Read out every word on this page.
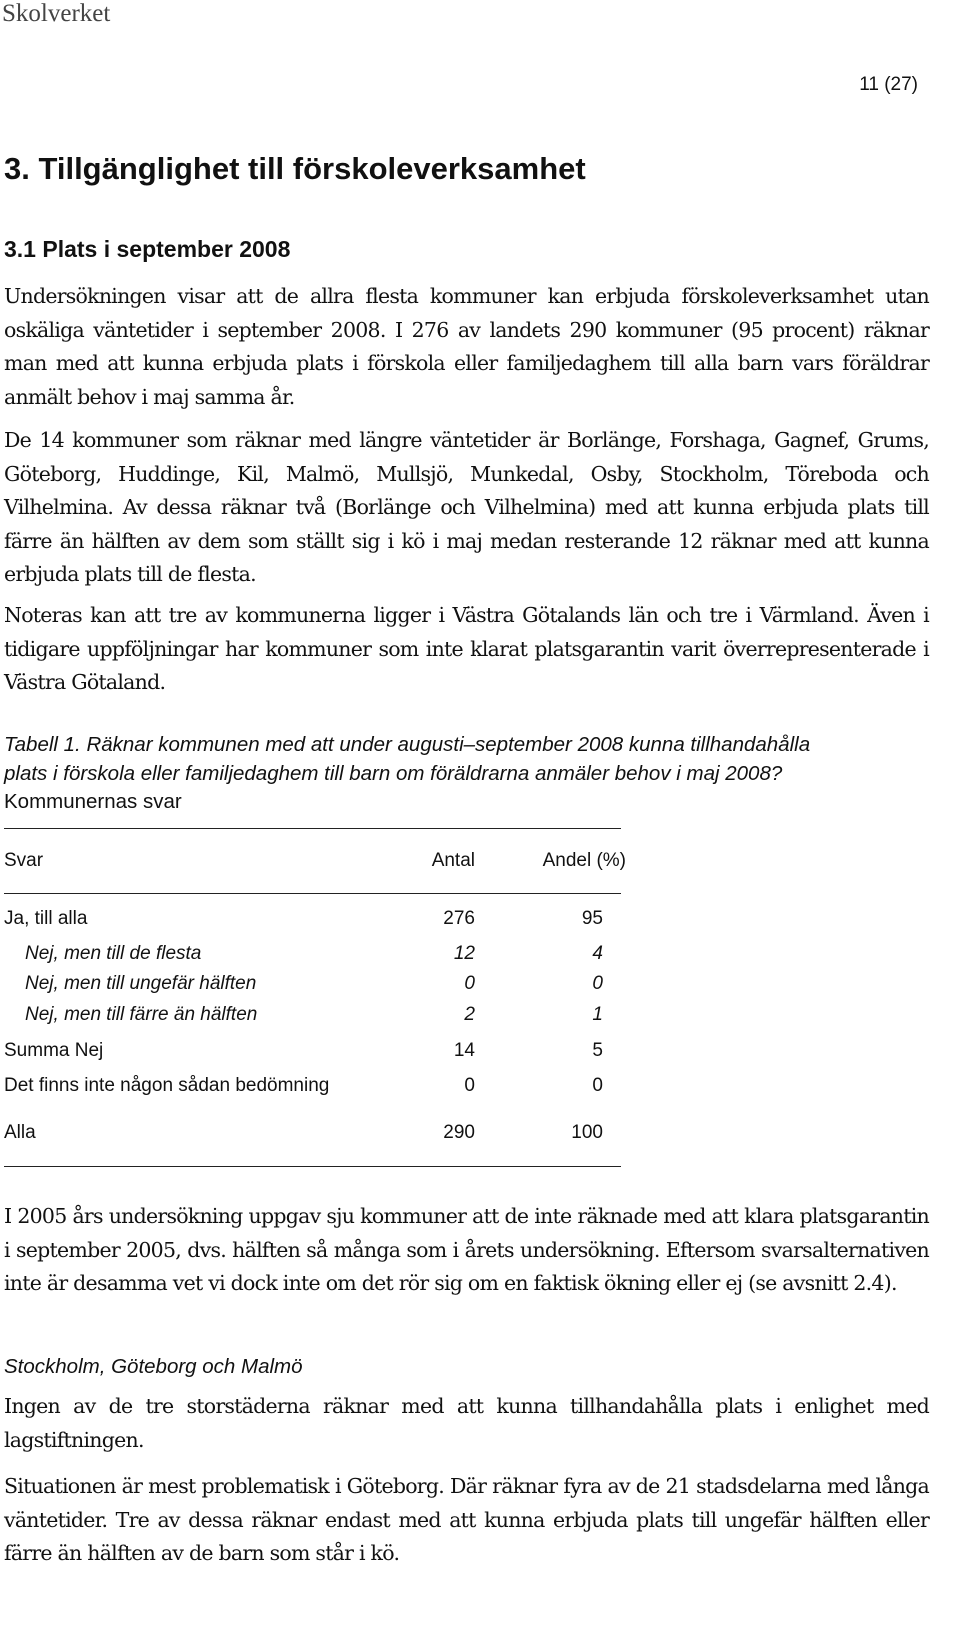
Skolverket
11 (27)
3. Tillgänglighet till förskoleverksamhet
3.1 Plats i september 2008

Undersökningen visar att de allra flesta kommuner kan erbjuda förskoleverksamhet utan oskäliga väntetider i september 2008. I 276 av landets 290 kommuner (95 procent) räknar man med att kunna erbjuda plats i förskola eller familjedaghem till alla barn vars föräldrar anmält behov i maj samma år.

De 14 kommuner som räknar med längre väntetider är Borlänge, Forshaga, Gagnef, Grums, Göteborg, Huddinge, Kil, Malmö, Mullsjö, Munkedal, Osby, Stockholm, Töreboda och Vilhelmina. Av dessa räknar två (Borlänge och Vilhelmina) med att kunna erbjuda plats till färre än hälften av dem som ställt sig i kö i maj medan resterande 12 räknar med att kunna erbjuda plats till de flesta.

Noteras kan att tre av kommunerna ligger i Västra Götalands län och tre i Värmland. Även i tidigare uppföljningar har kommuner som inte klarat platsgarantin varit överrepresenterade i Västra Götaland.

Tabell 1. Räknar kommunen med att under augusti–september 2008 kunna tillhandahålla plats i förskola eller familjedaghem till barn om föräldrarna anmäler behov i maj 2008? Kommunernas svar
Svar	Antal	Andel (%)
Ja, till alla	276	95
Nej, men till de flesta	12	4
Nej, men till ungefär hälften	0	0
Nej, men till färre än hälften	2	1
Summa Nej	14	5
Det finns inte någon sådan bedömning	0	0
Alla	290	100

I 2005 års undersökning uppgav sju kommuner att de inte räknade med att klara platsgarantin i september 2005, dvs. hälften så många som i årets undersökning. Eftersom svarsalternativen inte är desamma vet vi dock inte om det rör sig om en faktisk ökning eller ej (se avsnitt 2.4).

Stockholm, Göteborg och Malmö

Ingen av de tre storstäderna räknar med att kunna tillhandahålla plats i enlighet med lagstiftningen.

Situationen är mest problematisk i Göteborg. Där räknar fyra av de 21 stadsdelarna med långa väntetider. Tre av dessa räknar endast med att kunna erbjuda plats till ungefär hälften eller färre än hälften av de barn som står i kö.
